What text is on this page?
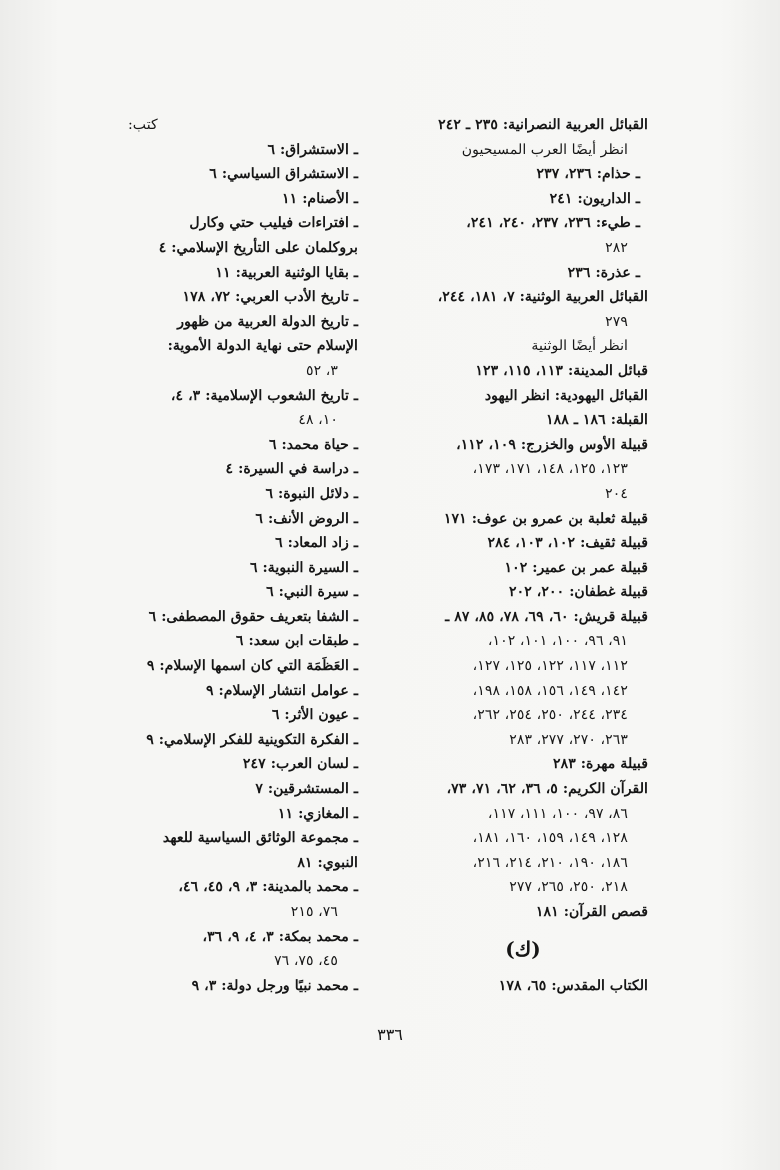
القبائل العربية النصرانية: ٢٣٥ ـ ٢٤٢
انظر أيضًا العرب المسيحيون
ـ حذام: ٢٣٦، ٢٣٧
ـ الداريون: ٢٤١
ـ طيء: ٢٣٦، ٢٣٧، ٢٤٠، ٢٤١،
٢٨٢
ـ عذرة: ٢٣٦
القبائل العربية الوثنية: ٧، ١٨١، ٢٤٤،
٢٧٩
انظر أيضًا الوثنية
قبائل المدينة: ١١٣، ١١٥، ١٢٣
القبائل اليهودية: انظر اليهود
القبلة: ١٨٦ ـ ١٨٨
قبيلة الأوس والخزرج: ١٠٩، ١١٢،
١٢٣، ١٢٥، ١٤٨، ١٧١، ١٧٣،
٢٠٤
قبيلة ثعلبة بن عمرو بن عوف: ١٧١
قبيلة ثقيف: ١٠٢، ١٠٣، ٢٨٤
قبيلة عمر بن عمير: ١٠٢
قبيلة غطفان: ٢٠٠، ٢٠٢
قبيلة قريش: ٦٠، ٦٩، ٧٨، ٨٥، ٨٧ ـ
٩١، ٩٦، ١٠٠، ١٠١، ١٠٢،
١١٢، ١١٧، ١٢٢، ١٢٥، ١٢٧،
١٤٢، ١٤٩، ١٥٦، ١٥٨، ١٩٨،
٢٣٤، ٢٤٤، ٢٥٠، ٢٥٤، ٢٦٢،
٢٦٣، ٢٧٠، ٢٧٧، ٢٨٣
قبيلة مهرة: ٢٨٣
القرآن الكريم: ٥، ٣٦، ٦٢، ٧١، ٧٣،
٨٦، ٩٧، ١٠٠، ١١١، ١١٧،
١٢٨، ١٤٩، ١٥٩، ١٦٠، ١٨١،
١٨٦، ١٩٠، ٢١٠، ٢١٤، ٢١٦،
٢١٨، ٢٥٠، ٢٦٥، ٢٧٧
قصص القرآن: ١٨١
(ك)
الكتاب المقدس: ٦٥، ١٧٨
كتب:
ـ الاستشراق: ٦
ـ الاستشراق السياسي: ٦
ـ الأصنام: ١١
ـ افتراءات فيليب حتي وكارل
بروكلمان على التأريخ الإسلامي: ٤
ـ بقايا الوثنية العربية: ١١
ـ تاريخ الأدب العربي: ٧٢، ١٧٨
ـ تاريخ الدولة العربية من ظهور
الإسلام حتى نهاية الدولة الأموية:
٣، ٥٢
ـ تاريخ الشعوب الإسلامية: ٣، ٤،
١٠، ٤٨
ـ حياة محمد: ٦
ـ دراسة في السيرة: ٤
ـ دلائل النبوة: ٦
ـ الروض الأنف: ٦
ـ زاد المعاد: ٦
ـ السيرة النبوية: ٦
ـ سيرة النبي: ٦
ـ الشفا بتعريف حقوق المصطفى: ٦
ـ طبقات ابن سعد: ٦
ـ العَظَمَة التي كان اسمها الإسلام: ٩
ـ عوامل انتشار الإسلام: ٩
ـ عيون الأثر: ٦
ـ الفكرة التكوينية للفكر الإسلامي: ٩
ـ لسان العرب: ٢٤٧
ـ المستشرقين: ٧
ـ المغازي: ١١
ـ مجموعة الوثائق السياسية للعهد
النبوي: ٨١
ـ محمد بالمدينة: ٣، ٩، ٤٥، ٤٦،
٧٦، ٢١٥
ـ محمد بمكة: ٣، ٤، ٩، ٣٦،
٤٥، ٧٥، ٧٦
ـ محمد نبيًا ورجل دولة: ٣، ٩
٣٣٦
